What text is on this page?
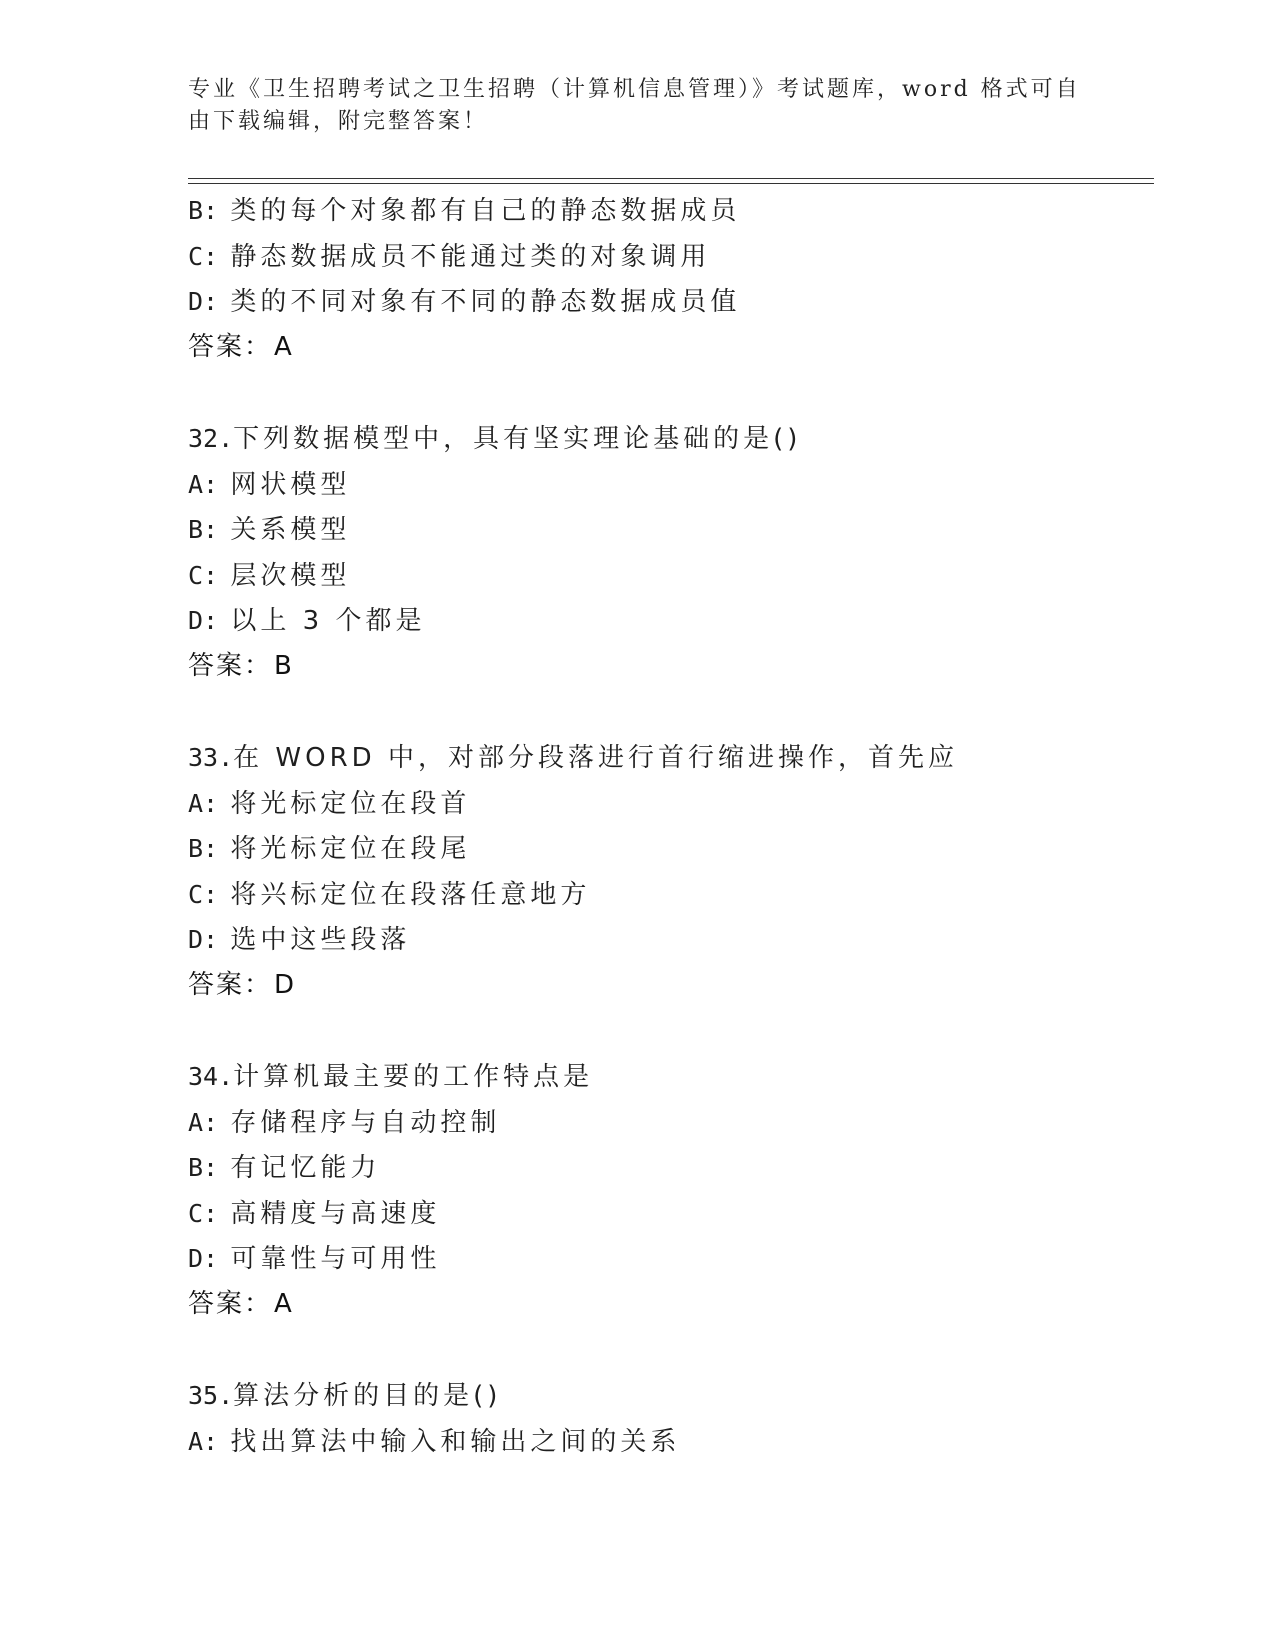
专业《卫生招聘考试之卫生招聘（计算机信息管理）》考试题库，word 格式可自
由下载编辑，附完整答案！
B: 类的每个对象都有自己的静态数据成员
C: 静态数据成员不能通过类的对象调用
D: 类的不同对象有不同的静态数据成员值
答案：A
32.下列数据模型中，具有坚实理论基础的是()
A: 网状模型
B: 关系模型
C: 层次模型
D: 以上 3 个都是
答案：B
33.在 WORD 中，对部分段落进行首行缩进操作，首先应
A: 将光标定位在段首
B: 将光标定位在段尾
C: 将兴标定位在段落任意地方
D: 选中这些段落
答案：D
34.计算机最主要的工作特点是
A: 存储程序与自动控制
B: 有记忆能力
C: 高精度与高速度
D: 可靠性与可用性
答案：A
35.算法分析的目的是()
A: 找出算法中输入和输出之间的关系
